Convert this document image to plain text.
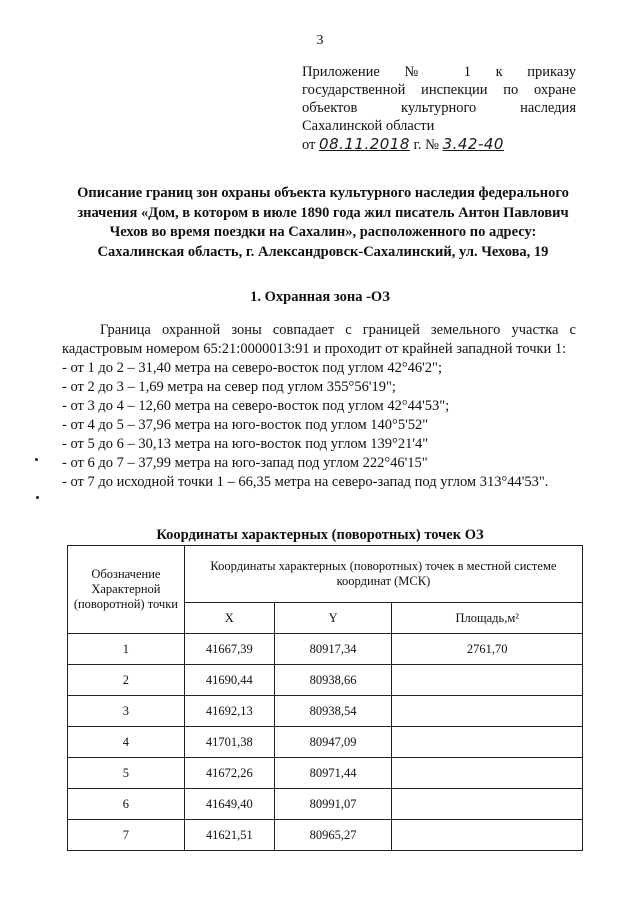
3
Приложение № 1 к приказу
государственной инспекции по охране
объектов культурного наследия
Сахалинской области
от 08.11.2018 г. № 3.42-40
Описание границ зон охраны объекта культурного наследия федерального значения «Дом, в котором в июле 1890 года жил писатель Антон Павлович Чехов во время поездки на Сахалин», расположенного по адресу: Сахалинская область, г. Александровск-Сахалинский, ул. Чехова, 19
1. Охранная зона -ОЗ

Граница охранной зоны совпадает с границей земельного участка с кадастровым номером 65:21:0000013:91 и проходит от крайней западной точки 1:

- от 1 до 2 – 31,40 метра на северо-восток под углом 42°46'2";

- от 2 до 3 – 1,69 метра на север под углом 355°56'19";

- от 3 до 4 – 12,60 метра на северо-восток под углом 42°44'53";

- от 4 до 5 – 37,96 метра на юго-восток под углом 140°5'52"

- от 5 до 6 – 30,13 метра на юго-восток под углом 139°21'4"

- от 6 до 7 – 37,99 метра на юго-запад под углом 222°46'15"

- от 7 до исходной точки 1 – 66,35 метра на северо-запад под углом 313°44'53".

Координаты характерных (поворотных) точек ОЗ
Обозначение Характерной (поворотной) точки	Координаты характерных (поворотных) точек в местной системе координат (МСК)		
	X	Y	Площадь,м²
1	41667,39	80917,34	2761,70
2	41690,44	80938,66	
3	41692,13	80938,54	
4	41701,38	80947,09	
5	41672,26	80971,44	
6	41649,40	80991,07	
7	41621,51	80965,27	
